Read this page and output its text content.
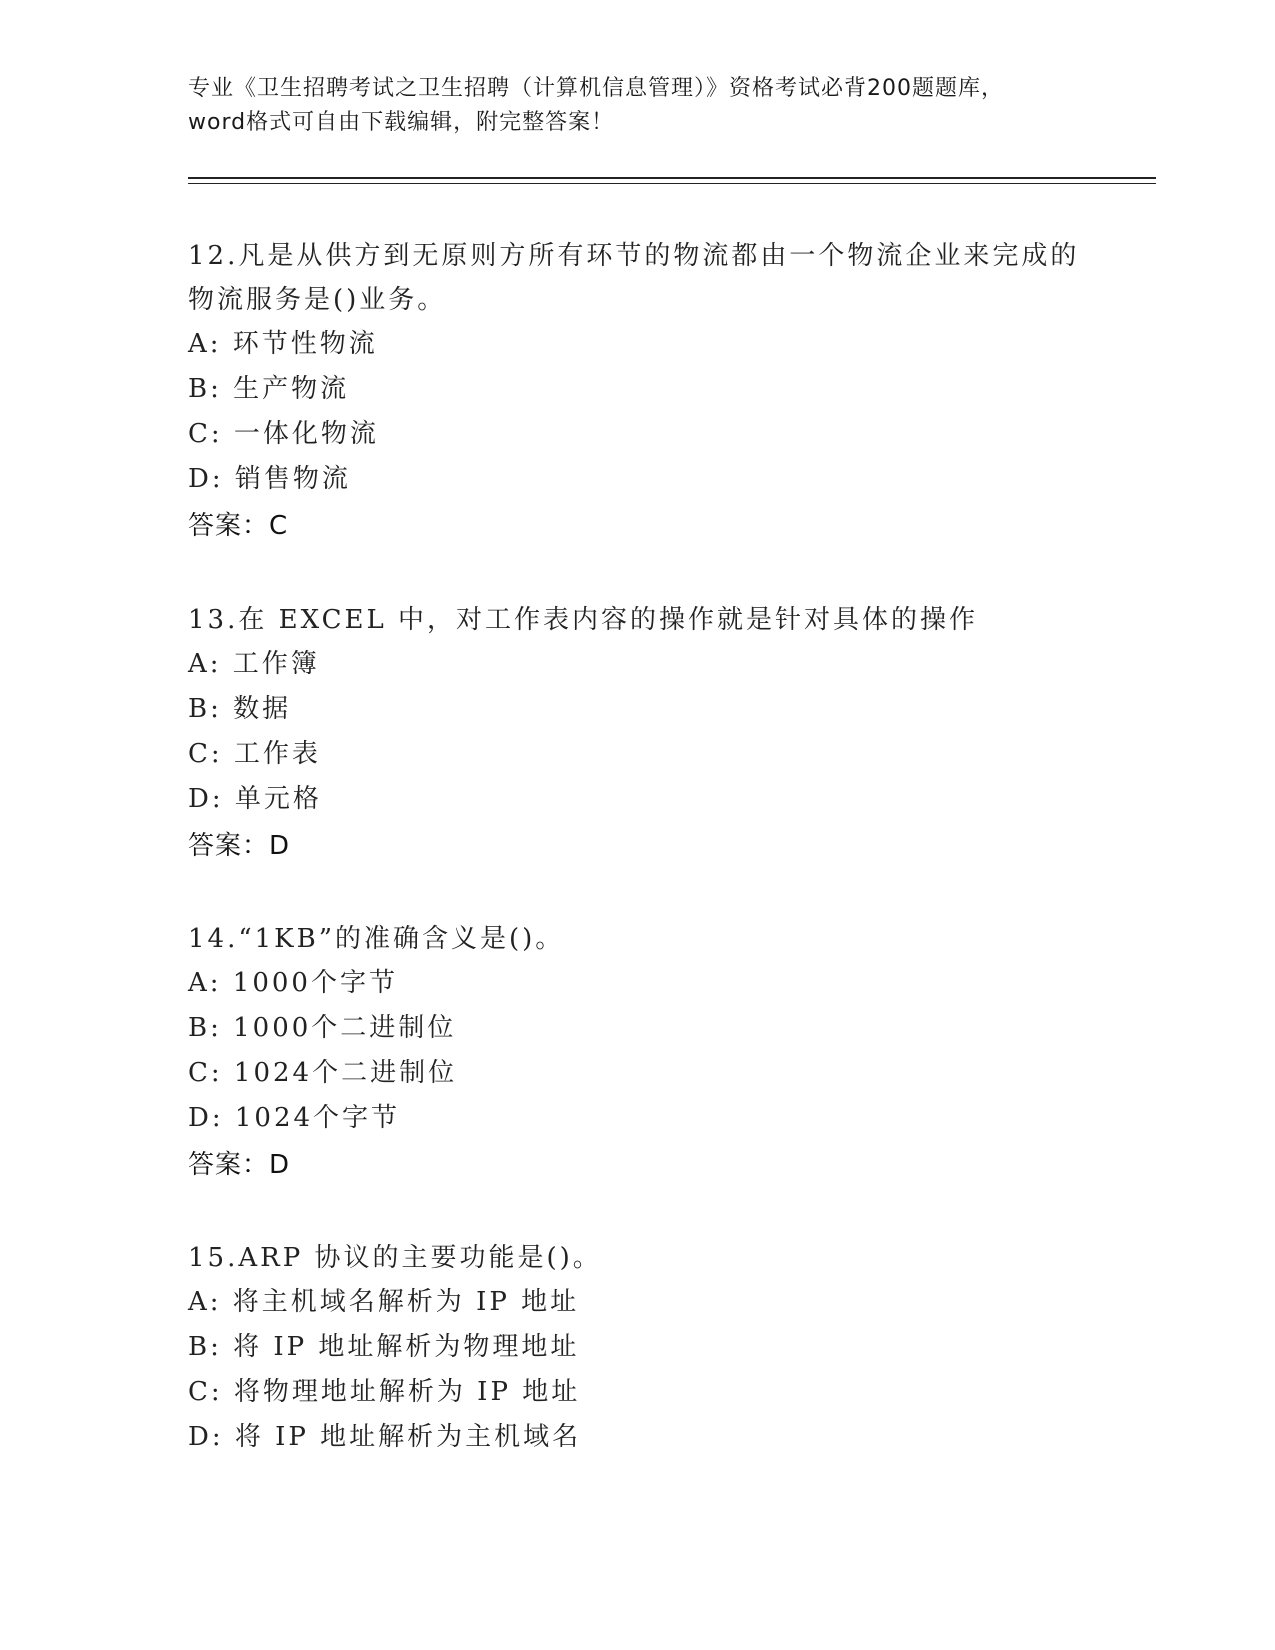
专业《卫生招聘考试之卫生招聘（计算机信息管理）》资格考试必背200题题库，
word格式可自由下载编辑，附完整答案！

12.凡是从供方到无原则方所有环节的物流都由一个物流企业来完成的

物流服务是()业务。

A: 环节性物流

B: 生产物流

C: 一体化物流

D: 销售物流

答案：C

13.在 EXCEL 中，对工作表内容的操作就是针对具体的操作

A: 工作簿

B: 数据

C: 工作表

D: 单元格

答案：D

14.“1KB”的准确含义是()。

A: 1000个字节

B: 1000个二进制位

C: 1024个二进制位

D: 1024个字节

答案：D

15.ARP 协议的主要功能是()。

A: 将主机域名解析为 IP 地址

B: 将 IP 地址解析为物理地址

C: 将物理地址解析为 IP 地址

D: 将 IP 地址解析为主机域名
